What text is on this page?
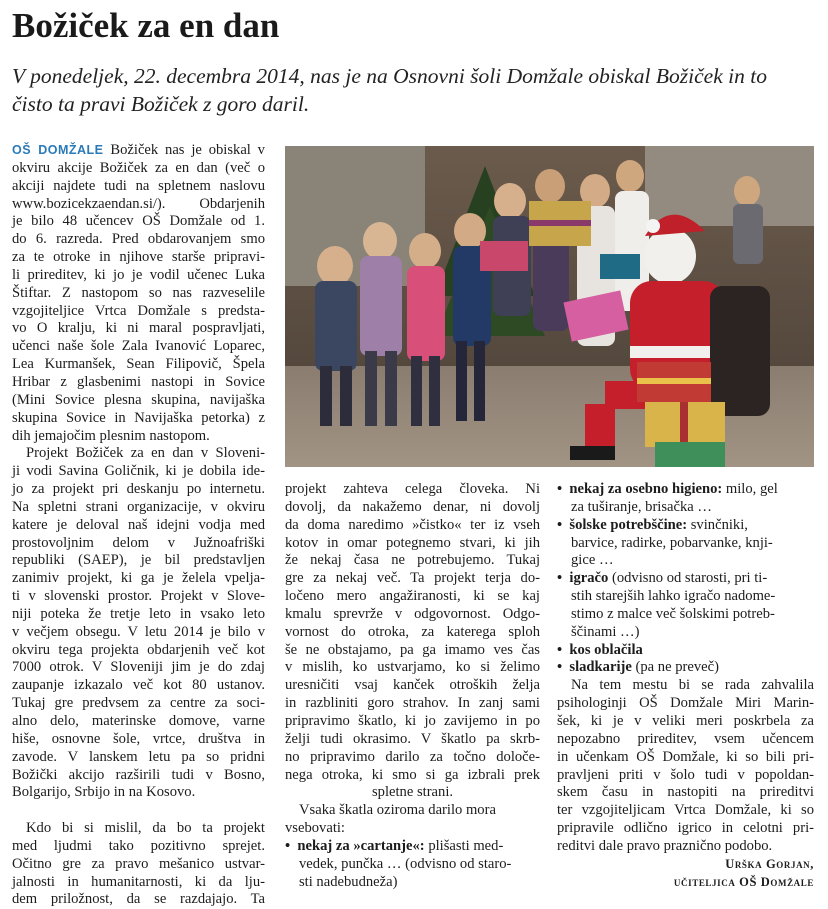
Božiček za en dan

V ponedeljek, 22. decembra 2014, nas je na Osnovni šoli Domžale obiskal Božiček in to
čisto ta pravi Božiček z goro daril.

OŠ DOMŽALE Božiček nas je obiskal v
okviru akcije Božiček za en dan (več o
akciji najdete tudi na spletnem naslovu
www.bozicekzaendan.si/). Obdarjenih
je bilo 48 učencev OŠ Domžale od 1.
do 6. razreda. Pred obdarovanjem smo
za te otroke in njihove starše pripravi-
li prireditev, ki jo je vodil učenec Luka
Štiftar. Z nastopom so nas razveselile
vzgojiteljice Vrtca Domžale s predsta-
vo O kralju, ki ni maral pospravljati,
učenci naše šole Zala Ivanović Loparec,
Lea Kurmanšek, Sean Filipovič, Špela
Hribar z glasbenimi nastopi in Sovice
(Mini Sovice plesna skupina, navijaška
skupina Sovice in Navijaška petorka) z
dih jemajočim plesnim nastopom.
Projekt Božiček za en dan v Sloveni-
ji vodi Savina Goličnik, ki je dobila ide-
jo za projekt pri deskanju po internetu.
Na spletni strani organizacije, v okviru
katere je deloval naš idejni vodja med
prostovoljnim delom v Južnoafriški
republiki (SAEP), je bil predstavljen
zanimiv projekt, ki ga je želela vpelja-
ti v slovenski prostor. Projekt v Slove-
niji poteka že tretje leto in vsako leto
v večjem obsegu. V letu 2014 je bilo v
okviru tega projekta obdarjenih več kot
7000 otrok. V Sloveniji jim je do zdaj
zaupanje izkazalo več kot 80 ustanov.
Tukaj gre predvsem za centre za soci-
alno delo, materinske domove, varne
hiše, osnovne šole, vrtce, društva in
zavode. V lanskem letu pa so pridni
Božički akcijo razširili tudi v Bosno,
Bolgarijo, Srbijo in na Kosovo.
Kdo bi si mislil, da bo ta projekt
med ljudmi tako pozitivno sprejet.
Očitno gre za pravo mešanico ustvar-
jalnosti in humanitarnosti, ki da lju-
dem priložnost, da se razdajajo. Ta
projekt zahteva celega človeka. Ni
dovolj, da nakažemo denar, ni dovolj
da doma naredimo »čistko« ter iz vseh
kotov in omar potegnemo stvari, ki jih
že nekaj časa ne potrebujemo. Tukaj
gre za nekaj več. Ta projekt terja do-
ločeno mero angažiranosti, ki se kaj
kmalu sprevrže v odgovornost. Odgo-
vornost do otroka, za katerega sploh
še ne obstajamo, pa ga imamo ves čas
v mislih, ko ustvarjamo, ko si želimo
uresničiti vsaj kanček otroških želja
in razbliniti goro strahov. In zanj sami
pripravimo škatlo, ki jo zavijemo in po
želji tudi okrasimo. V škatlo pa skrb-
no pripravimo darilo za točno določe-
nega otroka, ki smo si ga izbrali prek
spletne strani.
Vsaka škatla oziroma darilo mora
vsebovati:
•  nekaj za »cartanje«: plišasti med-
vedek, punčka … (odvisno od staro-
sti nadebudneža)
•  nekaj za osebno higieno: milo, gel
za tuširanje, brisačka …
•  šolske potrebščine: svinčniki,
barvice, radirke, pobarvanke, knji-
gice …
•  igračo (odvisno od starosti, pri ti-
stih starejših lahko igračo nadome-
stimo z malce več šolskimi potreb-
ščinami …)
•  kos oblačila
•  sladkarije (pa ne preveč)
Na tem mestu bi se rada zahvalila
psihologinji OŠ Domžale Miri Marin-
šek, ki je v veliki meri poskrbela za
nepozabno prireditev, vsem učencem
in učenkam OŠ Domžale, ki so bili pri-
pravljeni priti v šolo tudi v popoldan-
skem času in nastopiti na prireditvi
ter vzgojiteljicam Vrtca Domžale, ki so
pripravile odlično igrico in celotni pri-
reditvi dale pravo praznično podobo.
Urška Gorjan,
učiteljica OŠ Domžale
